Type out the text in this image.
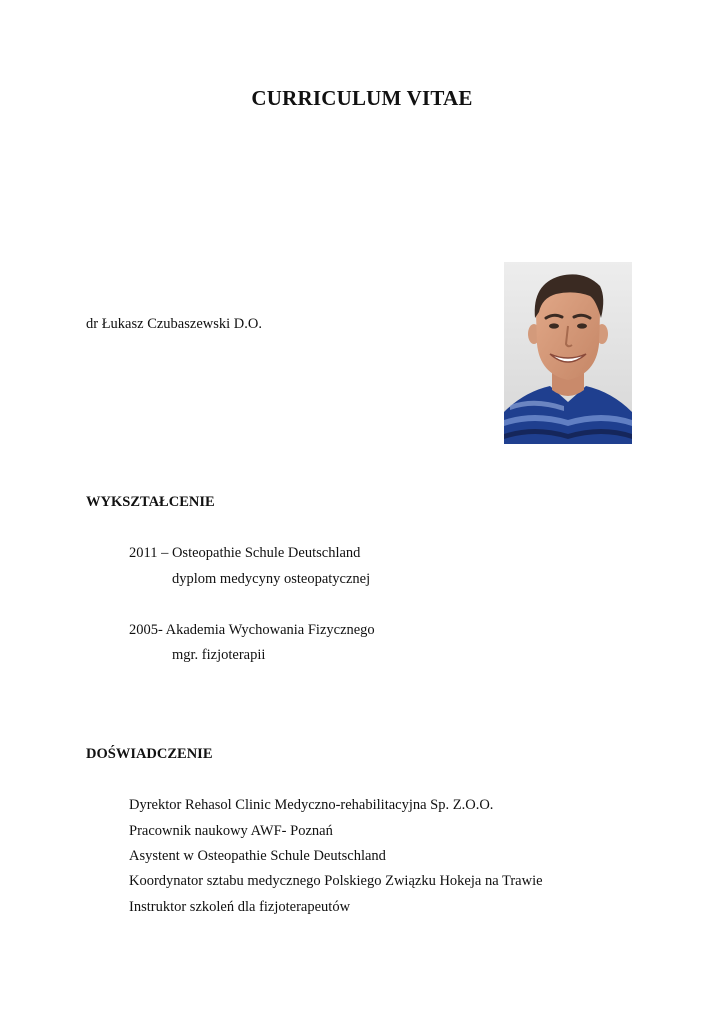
CURRICULUM VITAE
dr Łukasz Czubaszewski D.O.
WYKSZTAŁCENIE
2011 – Osteopathie Schule Deutschland
dyplom medycyny osteopatycznej
2005- Akademia Wychowania Fizycznego
mgr. fizjoterapii
DOŚWIADCZENIE
Dyrektor Rehasol Clinic Medyczno-rehabilitacyjna Sp. Z.O.O.
Pracownik naukowy AWF- Poznań
Asystent w Osteopathie Schule Deutschland
Koordynator sztabu medycznego Polskiego Związku Hokeja na Trawie
Instruktor szkoleń dla fizjoterapeutów
